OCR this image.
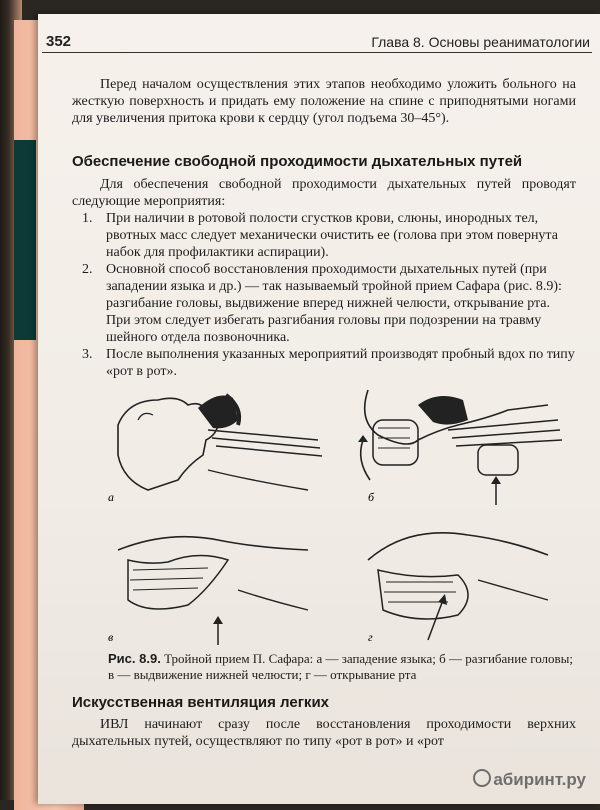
352	Глава 8. Основы реаниматологии
Перед началом осуществления этих этапов необходимо уложить больного на жесткую поверхность и придать ему положение на спине с приподнятыми ногами для увеличения притока крови к сердцу (угол подъема 30–45°).
Обеспечение свободной проходимости дыхательных путей
Для обеспечения свободной проходимости дыхательных путей проводят следующие мероприятия:
1. При наличии в ротовой полости сгустков крови, слюны, инородных тел, рвотных масс следует механически очистить ее (голова при этом повернута набок для профилактики аспирации).
2. Основной способ восстановления проходимости дыхательных путей (при западении языка и др.) — так называемый тройной прием Сафара (рис. 8.9): разгибание головы, выдвижение вперед нижней челюсти, открывание рта. При этом следует избегать разгибания головы при подозрении на травму шейного отдела позвоночника.
3. После выполнения указанных мероприятий производят пробный вдох по типу «рот в рот».
а	б
в	г
Рис. 8.9. Тройной прием П. Сафара: а — западение языка; б — разгибание головы; в — выдвижение нижней челюсти; г — открывание рта
Искусственная вентиляция легких
ИВЛ начинают сразу после восстановления проходимости верхних дыхательных путей, осуществляют по типу «рот в рот» и «рот
абиринт.ру
